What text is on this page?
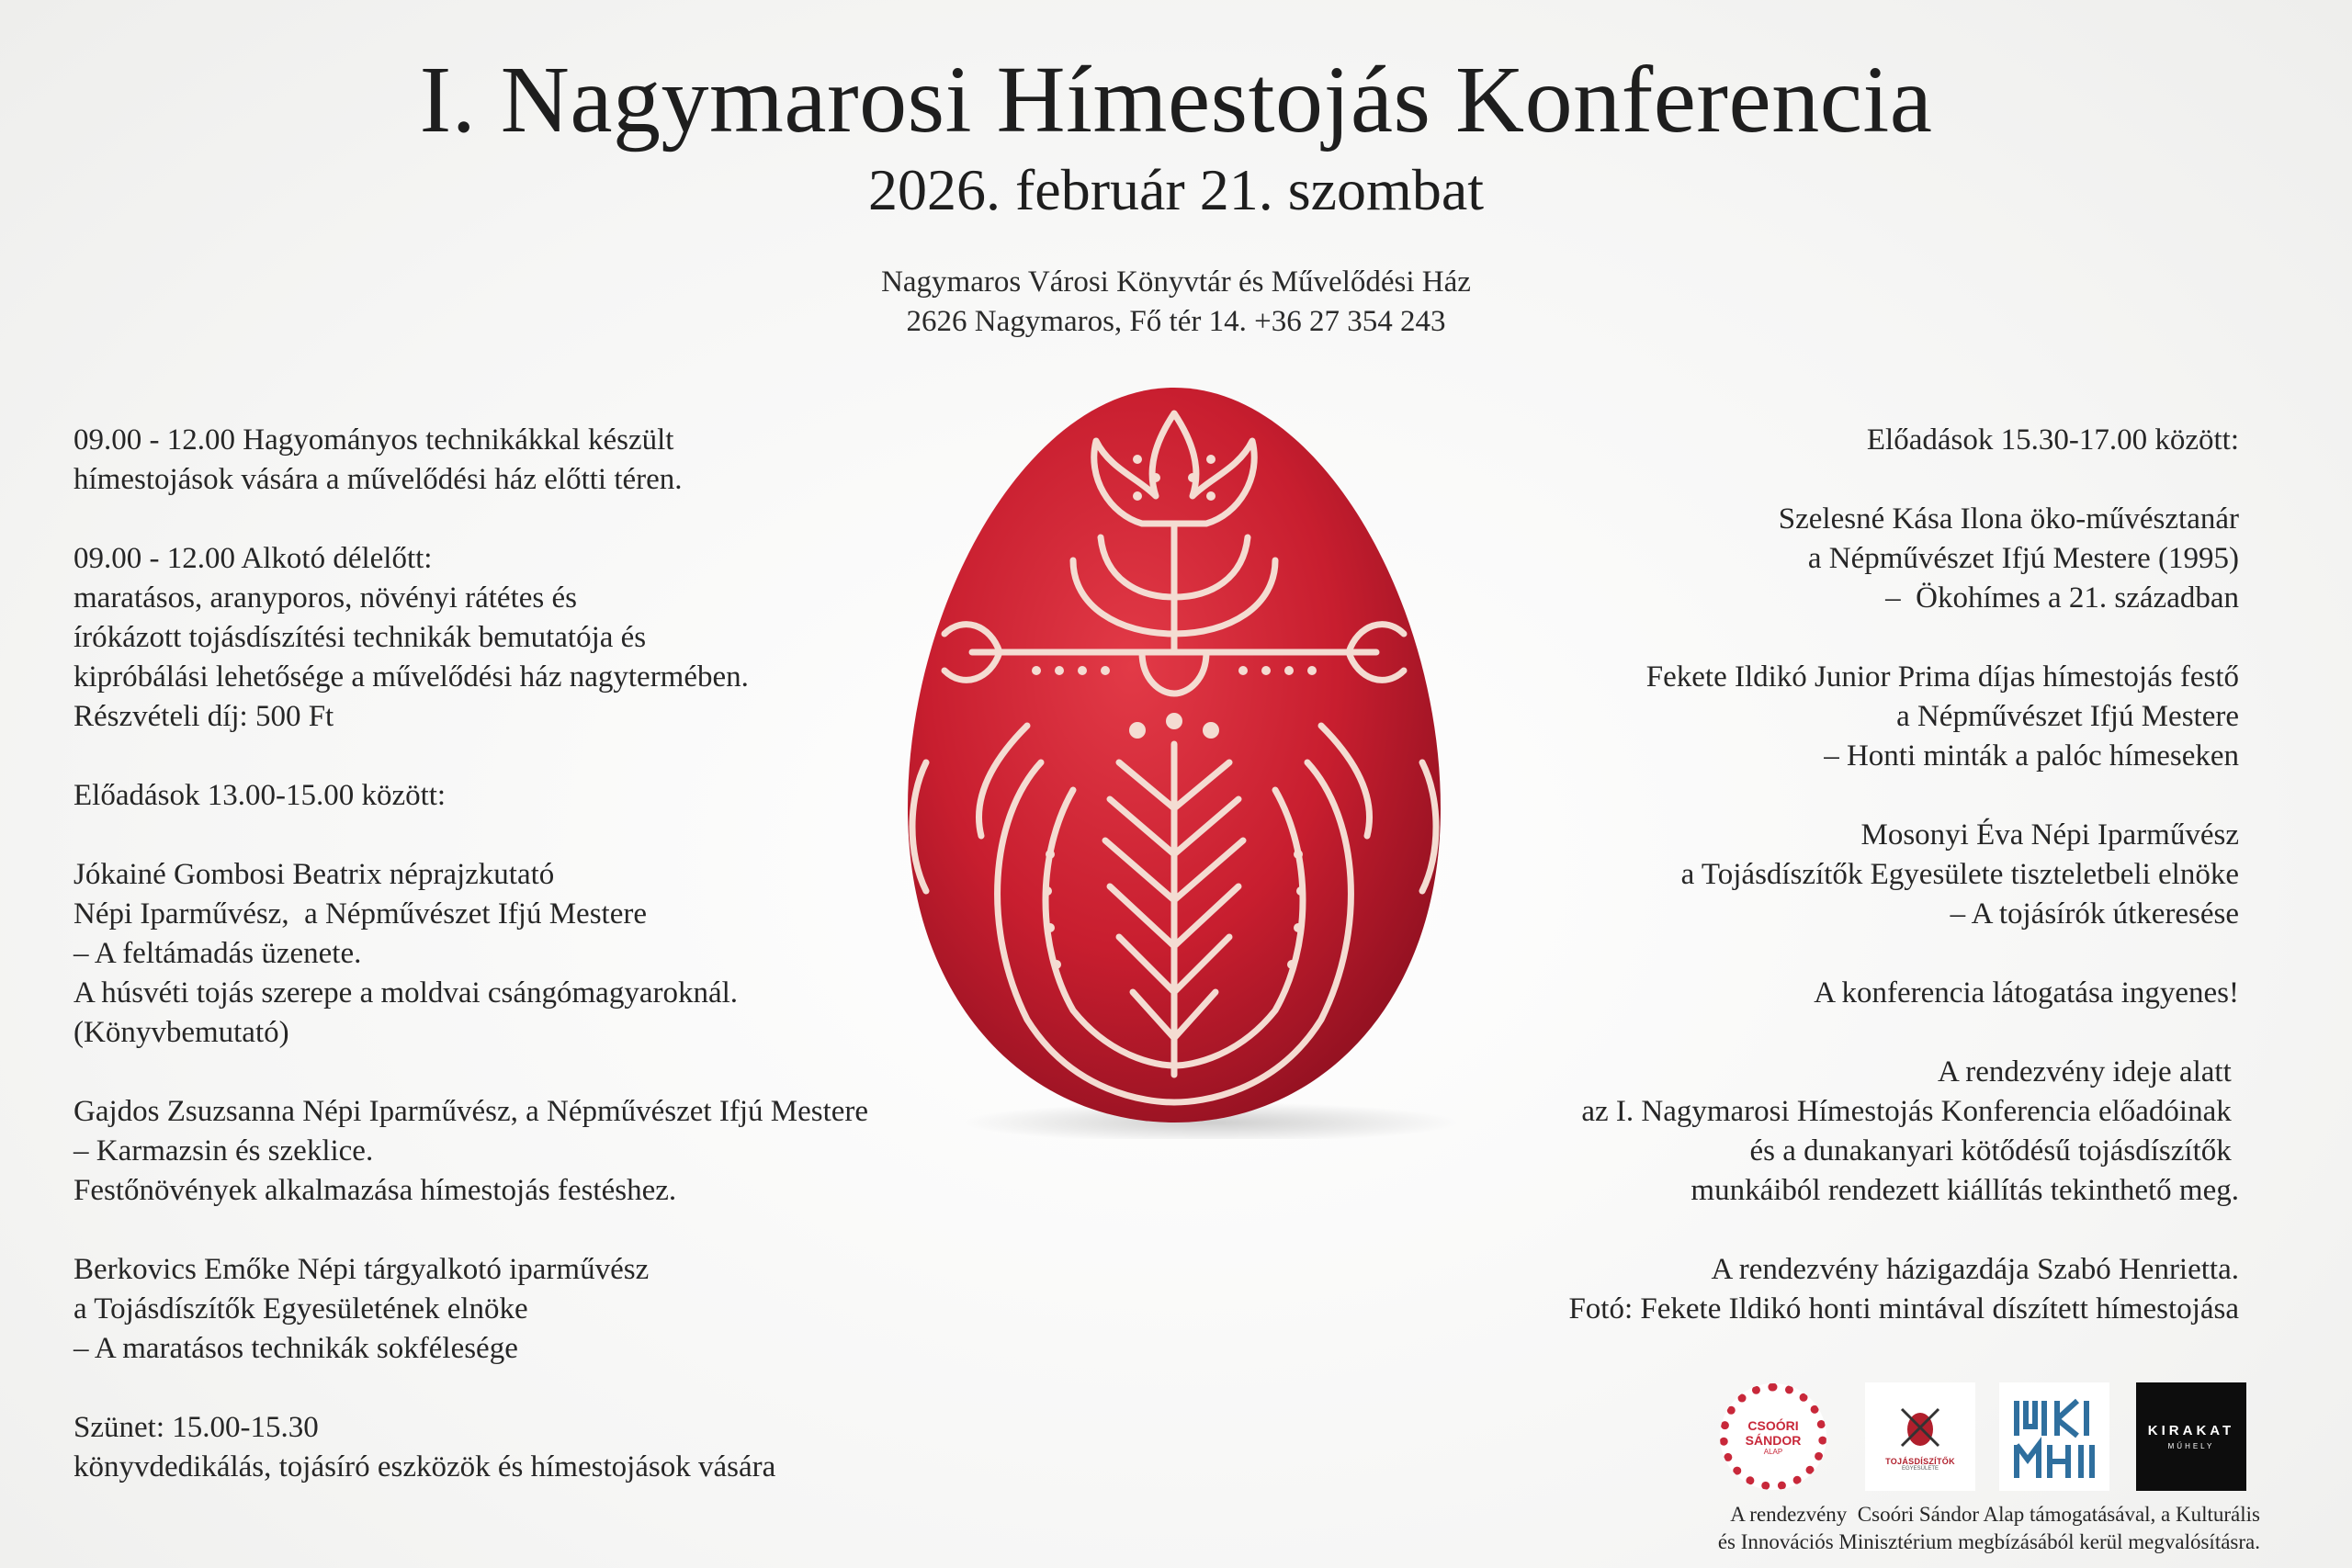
I. Nagymarosi Hímestojás Konferencia
2026. február 21. szombat
Nagymaros Városi Könyvtár és Művelődési Ház
2626 Nagymaros, Fő tér 14. +36 27 354 243
09.00 - 12.00 Hagyományos technikákkal készült
hímestojások vására a művelődési ház előtti téren.
09.00 - 12.00 Alkotó délelőtt:
maratásos, aranyporos, növényi rátétes és
írókázott tojásdíszítési technikák bemutatója és
kipróbálási lehetősége a művelődési ház nagytermében.
Részvételi díj: 500 Ft
Előadások 13.00-15.00 között:
Jókainé Gombosi Beatrix néprajzkutató
Népi Iparművész,  a Népművészet Ifjú Mestere
– A feltámadás üzenete.
A húsvéti tojás szerepe a moldvai csángómagyaroknál.
(Könyvbemutató)
Gajdos Zsuzsanna Népi Iparművész, a Népművészet Ifjú Mestere
– Karmazsin és szeklice.
Festőnövények alkalmazása hímestojás festéshez.
Berkovics Emőke Népi tárgyalkotó iparművész
a Tojásdíszítők Egyesületének elnöke
– A maratásos technikák sokfélesége
Szünet: 15.00-15.30
könyvdedikálás, tojásíró eszközök és hímestojások vására
Előadások 15.30-17.00 között:
Szelesné Kása Ilona öko-művésztanár
a Népművészet Ifjú Mestere (1995)
–  Ökohímes a 21. században
Fekete Ildikó Junior Prima díjas hímestojás festő
a Népművészet Ifjú Mestere
– Honti minták a palóc hímeseken
Mosonyi Éva Népi Iparművész
a Tojásdíszítők Egyesülete tiszteletbeli elnöke
– A tojásírók útkeresése
A konferencia látogatása ingyenes!
A rendezvény ideje alatt
az I. Nagymarosi Hímestojás Konferencia előadóinak
és a dunakanyari kötődésű tojásdíszítők
munkáiból rendezett kiállítás tekinthető meg.
A rendezvény házigazdája Szabó Henrietta.
Fotó: Fekete Ildikó honti mintával díszített hímestojása
CSOÓRI
SÁNDOR
ALAP
TOJÁSDÍSZÍTŐK
EGYESÜLETE
KIRAKAT
MŰHELY
A rendezvény  Csoóri Sándor Alap támogatásával, a Kulturális
és Innovációs Minisztérium megbízásából kerül megvalósításra.
